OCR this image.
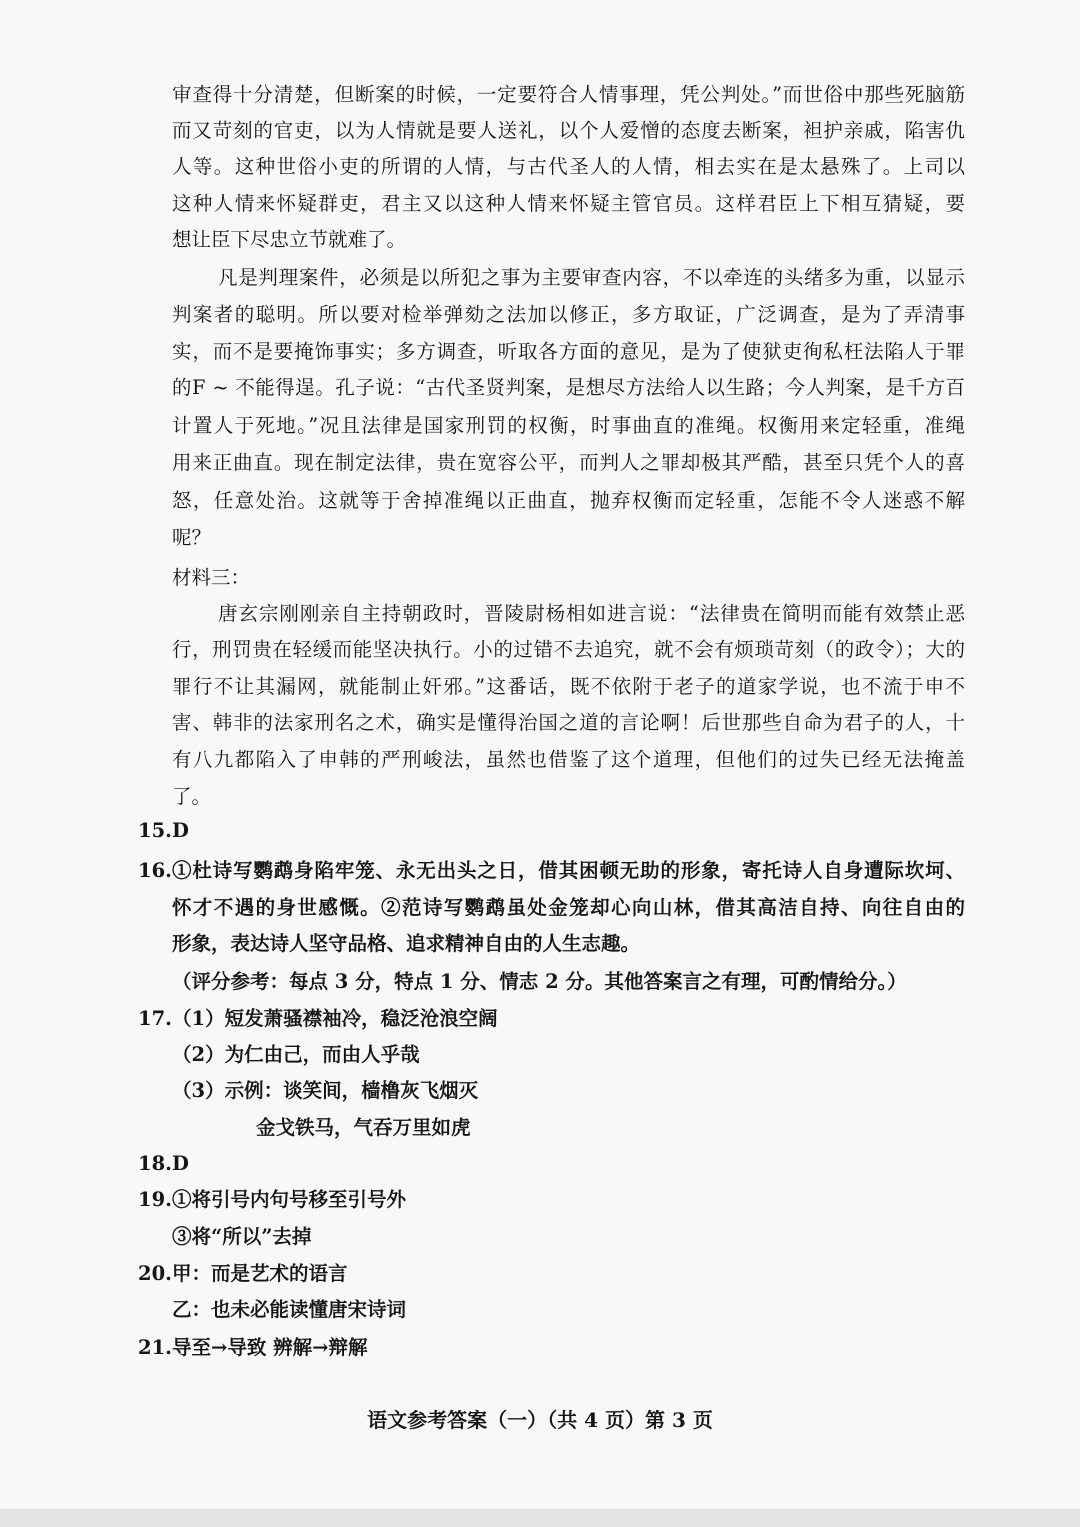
审查得十分清楚，但断案的时候，一定要符合人情事理，凭公判处。”而世俗中那些死脑筋
而又苛刻的官吏，以为人情就是要人送礼，以个人爱憎的态度去断案，袒护亲戚，陷害仇
人等。这种世俗小吏的所谓的人情，与古代圣人的人情，相去实在是太悬殊了。上司以
这种人情来怀疑群吏，君主又以这种人情来怀疑主管官员。这样君臣上下相互猜疑，要
想让臣下尽忠立节就难了。
凡是判理案件，必须是以所犯之事为主要审查内容，不以牵连的头绪多为重，以显示
判案者的聪明。所以要对检举弹劾之法加以修正，多方取证，广泛调查，是为了弄清事
实，而不是要掩饰事实；多方调查，听取各方面的意见，是为了使狱吏徇私枉法陷人于罪
的F ~ 不能得逞。孔子说：“古代圣贤判案，是想尽方法给人以生路；今人判案，是千方百
计置人于死地。”况且法律是国家刑罚的权衡，时事曲直的准绳。权衡用来定轻重，准绳
用来正曲直。现在制定法律，贵在宽容公平，而判人之罪却极其严酷，甚至只凭个人的喜
怒，任意处治。这就等于舍掉准绳以正曲直，抛弃权衡而定轻重，怎能不令人迷惑不解
呢？
材料三：
唐玄宗刚刚亲自主持朝政时，晋陵尉杨相如进言说：“法律贵在简明而能有效禁止恶
行，刑罚贵在轻缓而能坚决执行。小的过错不去追究，就不会有烦琐苛刻（的政令）；大的
罪行不让其漏网，就能制止奸邪。”这番话，既不依附于老子的道家学说，也不流于申不
害、韩非的法家刑名之术，确实是懂得治国之道的言论啊！后世那些自命为君子的人，十
有八九都陷入了申韩的严刑峻法，虽然也借鉴了这个道理，但他们的过失已经无法掩盖
了。
15. D
16. ①杜诗写鹦鹉身陷牢笼、永无出头之日，借其困顿无助的形象，寄托诗人自身遭际坎坷、
怀才不遇的身世感慨。②范诗写鹦鹉虽处金笼却心向山林，借其高洁自持、向往自由的
形象，表达诗人坚守品格、追求精神自由的人生志趣。
（评分参考：每点 3 分，特点 1 分、情志 2 分。其他答案言之有理，可酌情给分。）
17. （1）短发萧骚襟袖冷，稳泛沧浪空阔
（2）为仁由己，而由人乎哉
（3）示例：谈笑间，樯橹灰飞烟灭
金戈铁马，气吞万里如虎
18. D
19. ①将引号内句号移至引号外
③将“所以”去掉
20. 甲：而是艺术的语言
乙：也未必能读懂唐宋诗词
21. 导至→导致 辨解→辩解
语文参考答案（一）（共 4 页）第 3 页
